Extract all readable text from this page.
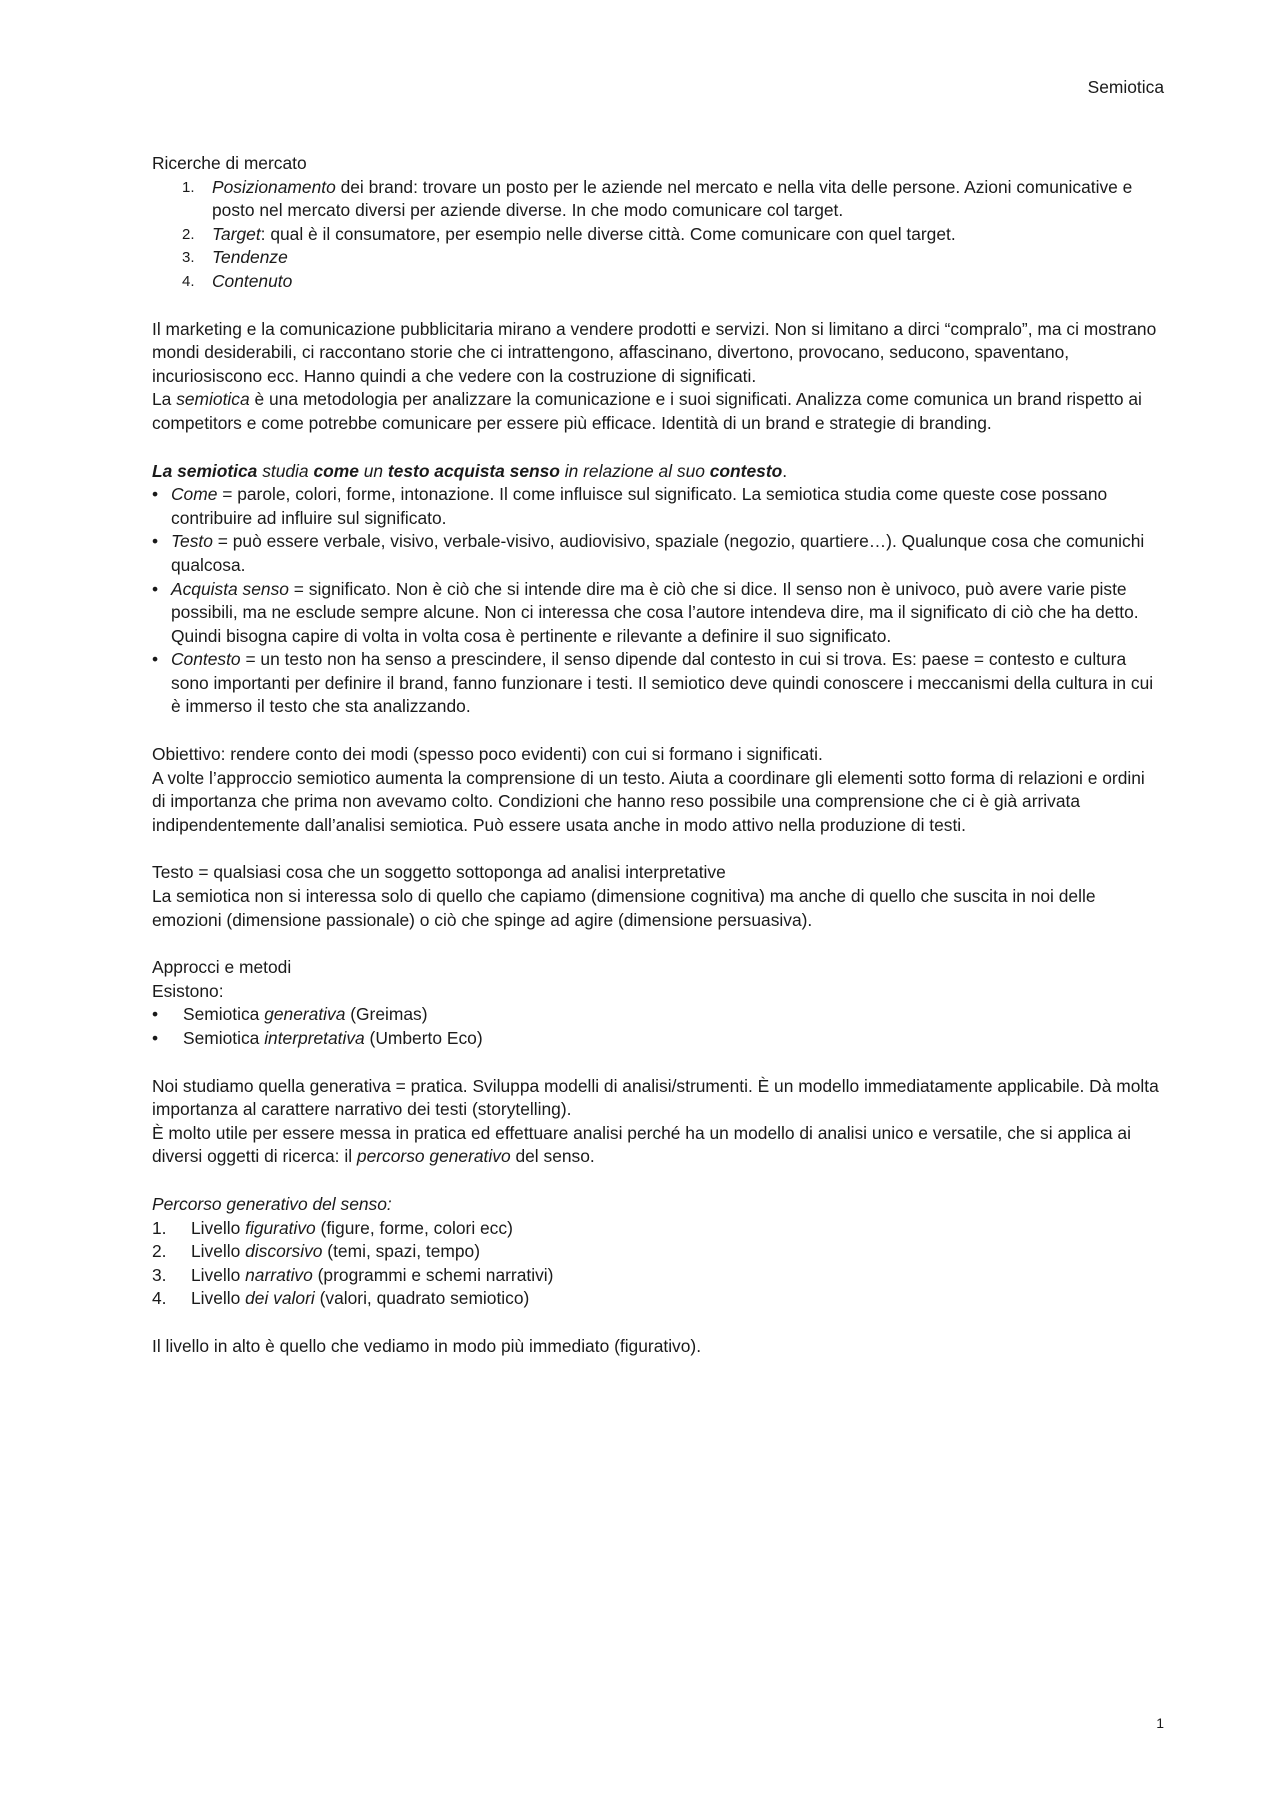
Semiotica

Ricerche di mercato

1. Posizionamento dei brand: trovare un posto per le aziende nel mercato e nella vita delle persone. Azioni comunicative e posto nel mercato diversi per aziende diverse. In che modo comunicare col target.
2. Target: qual è il consumatore, per esempio nelle diverse città. Come comunicare con quel target.
3. Tendenze
4. Contenuto

Il marketing e la comunicazione pubblicitaria mirano a vendere prodotti e servizi. Non si limitano a dirci “compralo”, ma ci mostrano mondi desiderabili, ci raccontano storie che ci intrattengono, affascinano, divertono, provocano, seducono, spaventano, incuriosiscono ecc. Hanno quindi a che vedere con la costruzione di significati.

La semiotica è una metodologia per analizzare la comunicazione e i suoi significati. Analizza come comunica un brand rispetto ai competitors e come potrebbe comunicare per essere più efficace. Identità di un brand e strategie di branding.

La semiotica studia come un testo acquista senso in relazione al suo contesto.

• Come = parole, colori, forme, intonazione. Il come influisce sul significato. La semiotica studia come queste cose possano contribuire ad influire sul significato.
• Testo = può essere verbale, visivo, verbale-visivo, audiovisivo, spaziale (negozio, quartiere…). Qualunque cosa che comunichi qualcosa.
• Acquista senso = significato. Non è ciò che si intende dire ma è ciò che si dice. Il senso non è univoco, può avere varie piste possibili, ma ne esclude sempre alcune. Non ci interessa che cosa l’autore intendeva dire, ma il significato di ciò che ha detto. Quindi bisogna capire di volta in volta cosa è pertinente e rilevante a definire il suo significato.
• Contesto = un testo non ha senso a prescindere, il senso dipende dal contesto in cui si trova. Es: paese = contesto e cultura sono importanti per definire il brand, fanno funzionare i testi. Il semiotico deve quindi conoscere i meccanismi della cultura in cui è immerso il testo che sta analizzando.

Obiettivo: rendere conto dei modi (spesso poco evidenti) con cui si formano i significati.

A volte l’approccio semiotico aumenta la comprensione di un testo. Aiuta a coordinare gli elementi sotto forma di relazioni e ordini di importanza che prima non avevamo colto. Condizioni che hanno reso possibile una comprensione che ci è già arrivata indipendentemente dall’analisi semiotica. Può essere usata anche in modo attivo nella produzione di testi.

Testo = qualsiasi cosa che un soggetto sottoponga ad analisi interpretative

La semiotica non si interessa solo di quello che capiamo (dimensione cognitiva) ma anche di quello che suscita in noi delle emozioni (dimensione passionale) o ciò che spinge ad agire (dimensione persuasiva).

Approcci e metodi

Esistono:

• Semiotica generativa (Greimas)
• Semiotica interpretativa (Umberto Eco)

Noi studiamo quella generativa = pratica. Sviluppa modelli di analisi/strumenti. È un modello immediatamente applicabile. Dà molta importanza al carattere narrativo dei testi (storytelling).

È molto utile per essere messa in pratica ed effettuare analisi perché ha un modello di analisi unico e versatile, che si applica ai diversi oggetti di ricerca: il percorso generativo del senso.

Percorso generativo del senso:

1. Livello figurativo (figure, forme, colori ecc)
2. Livello discorsivo (temi, spazi, tempo)
3. Livello narrativo (programmi e schemi narrativi)
4. Livello dei valori (valori, quadrato semiotico)

Il livello in alto è quello che vediamo in modo più immediato (figurativo).

1
